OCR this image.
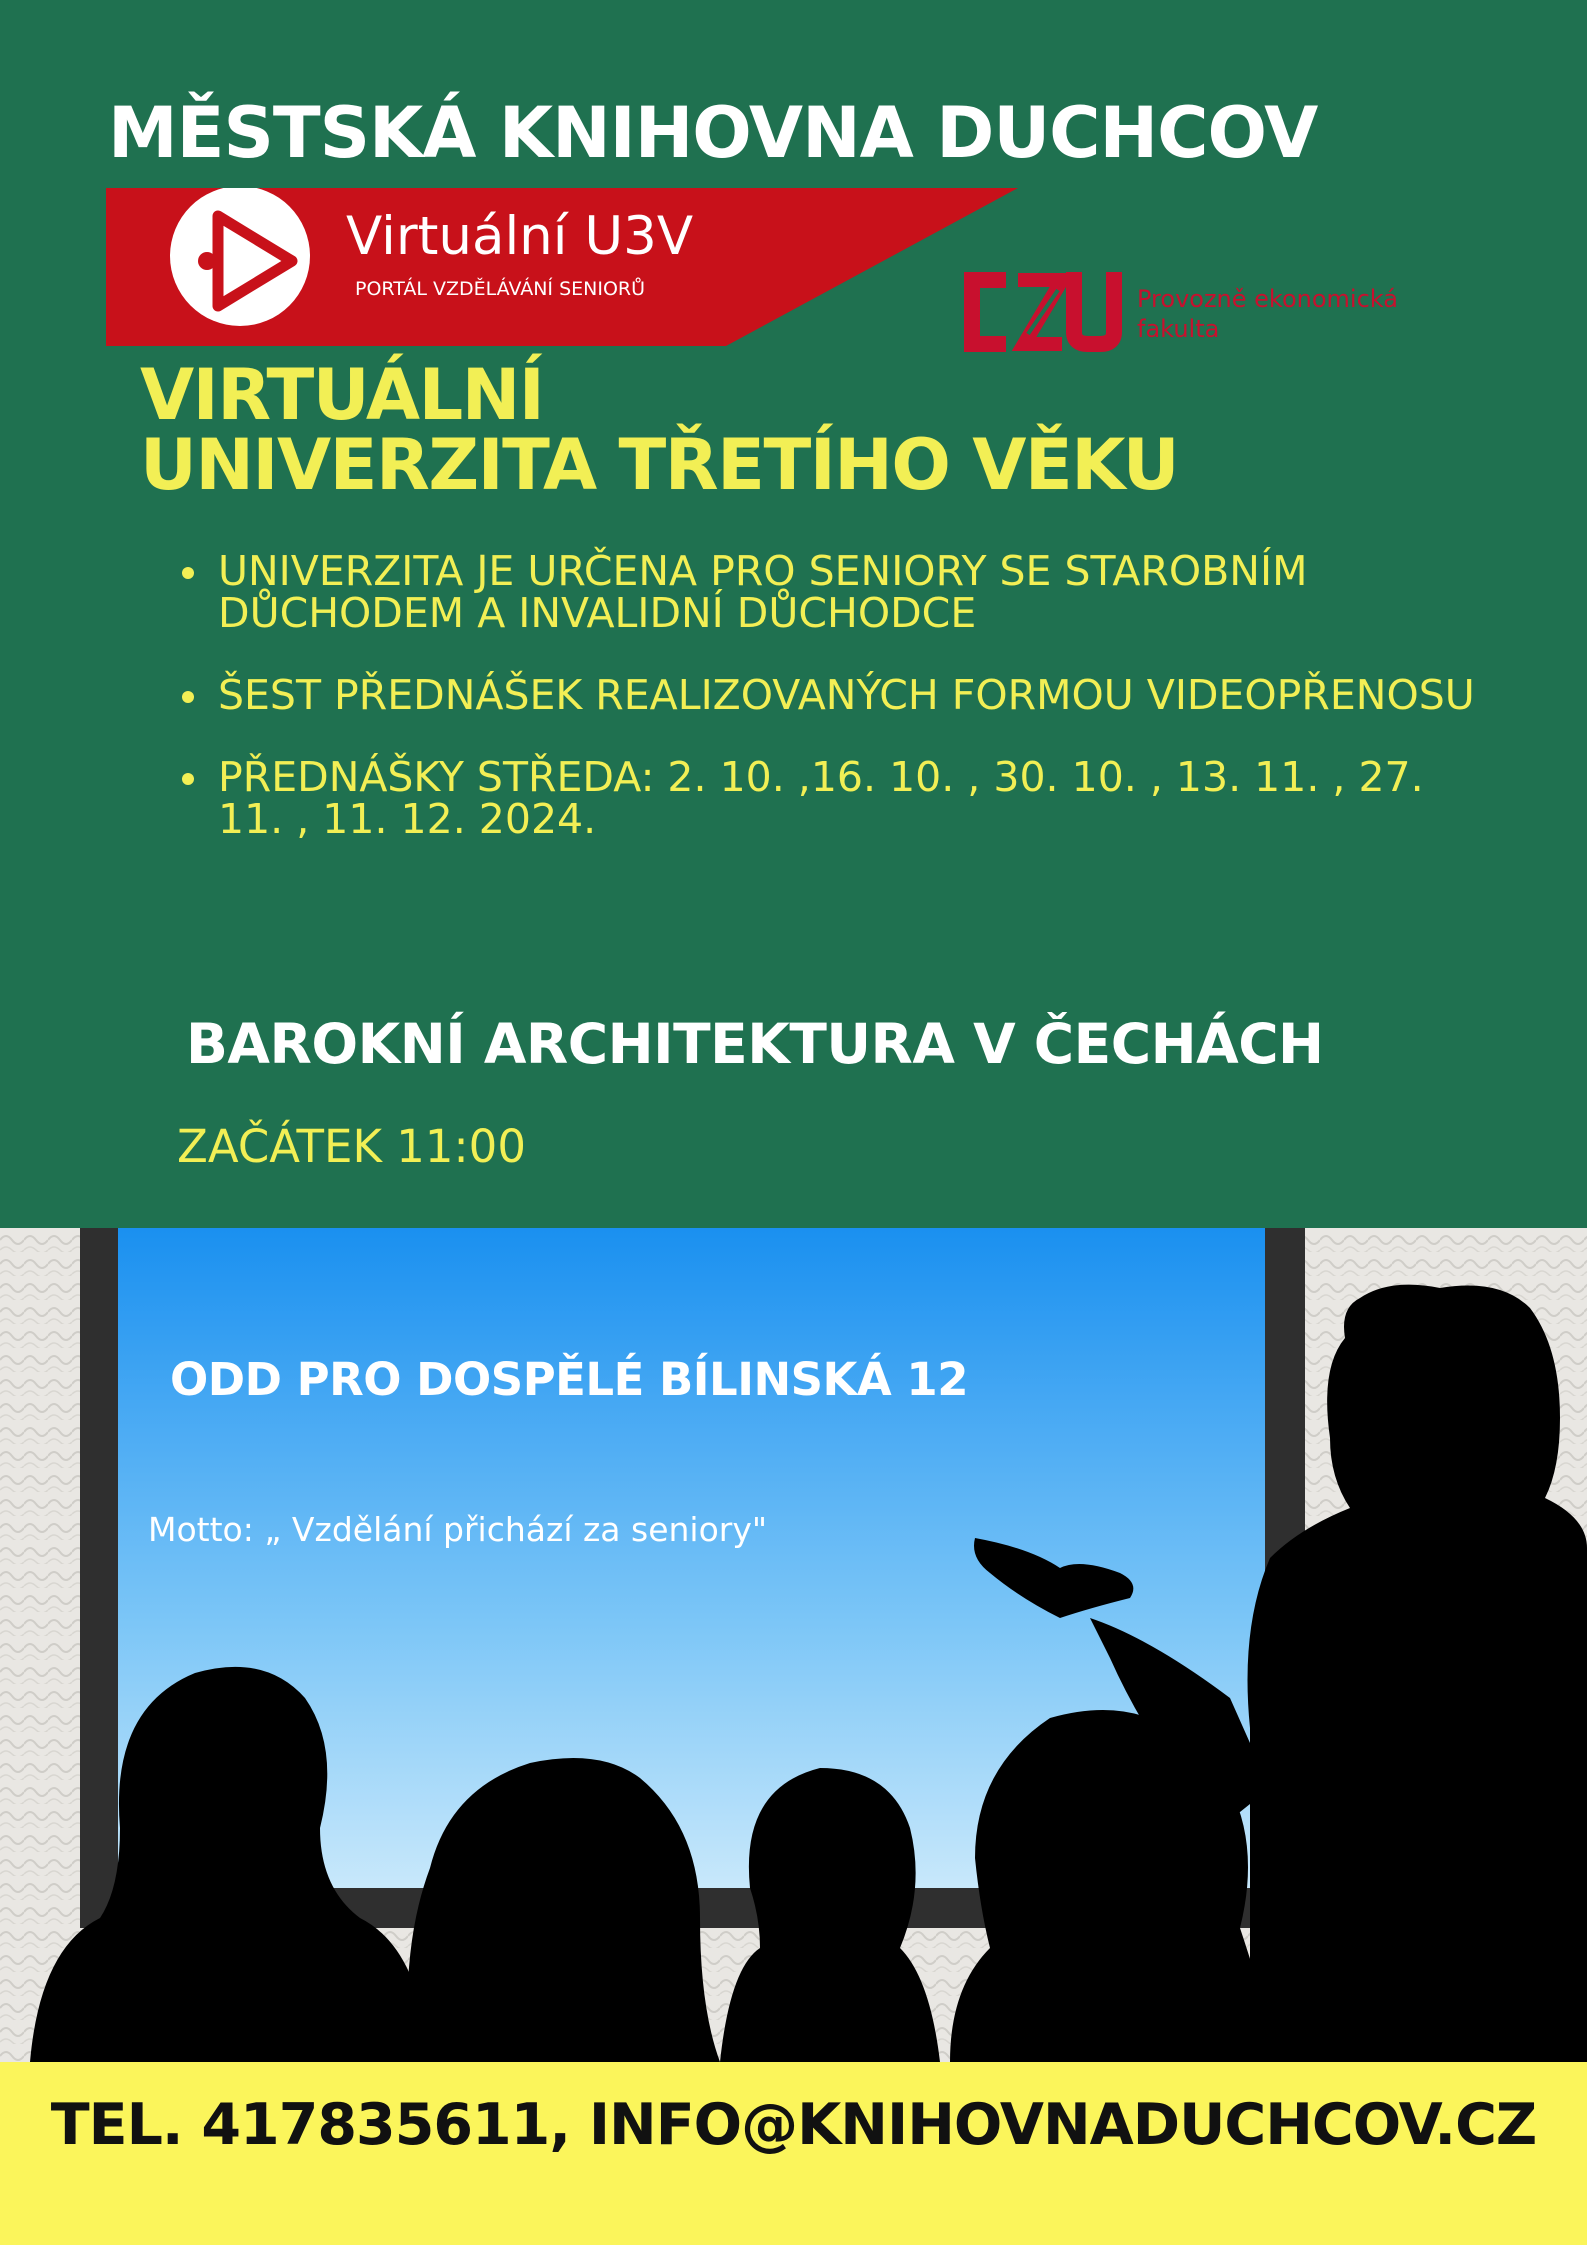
MĚSTSKÁ KNIHOVNA DUCHCOV
Virtuální U3V
PORTÁL VZDĚLÁVÁNÍ SENIORŮ	Provozně ekonomická
fakulta
VIRTUÁLNÍ
UNIVERZITA TŘETÍHO VĚKU
UNIVERZITA JE URČENA PRO SENIORY SE STAROBNÍM DŮCHODEM A INVALIDNÍ DŮCHODCE
ŠEST PŘEDNÁŠEK REALIZOVANÝCH FORMOU VIDEOPŘENOSU
PŘEDNÁŠKY STŘEDA: 2. 10. ,16. 10. , 30. 10. , 13. 11. , 27. 11. , 11. 12. 2024.
BAROKNÍ ARCHITEKTURA V ČECHÁCH
ZAČÁTEK 11:00
ODD PRO DOSPĚLÉ BÍLINSKÁ 12
Motto: „ Vzdělání přichází za seniory"
TEL. 417835611, INFO@KNIHOVNADUCHCOV.CZ
